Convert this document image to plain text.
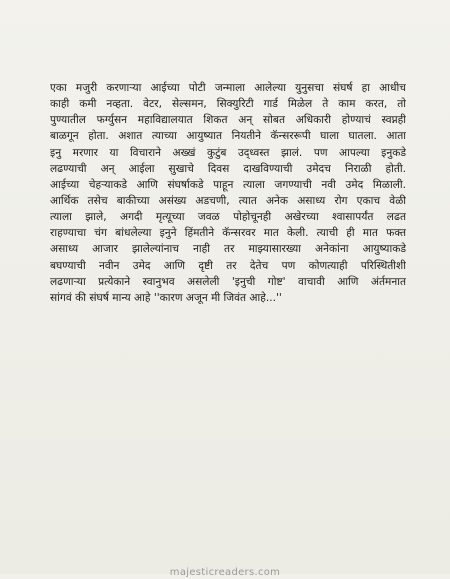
एका मजुरी करणाऱ्या आईच्या पोटी जन्माला आलेल्या युनुसचा संघर्ष हा आधीच
काही कमी नव्हता. वेटर, सेल्समन, सिक्युरिटी गार्ड मिळेल ते काम करत, तो
पुण्यातील फर्ग्युसन महाविद्यालयात शिकत अन्‌ सोबत अधिकारी होण्याचं स्वप्नही
बाळगून होता. अशात त्याच्या आयुष्यात नियतीने कॅन्सररूपी घाला घातला. आता
इनु मरणार या विचाराने अख्खं कुटुंब उद्ध्वस्त झालं. पण आपल्या इनुकडे
लढण्याची अन्‌ आईला सुखाचे दिवस दाखविण्याची उमेदच निराळी होती.
आईच्या चेहऱ्याकडे आणि संघर्षाकडे पाहून त्याला जगण्याची नवी उमेद मिळाली.
आर्थिक तसेच बाकीच्या असंख्य अडचणी, त्यात अनेक असाध्य रोग एकाच वेळी
त्याला झाले, अगदी मृत्यूच्या जवळ पोहोचूनही अखेरच्या श्वासापर्यंत लढत
राहण्याचा चंग बांधलेल्या इनुने हिंमतीने कॅन्सरवर मात केली. त्याची ही मात फक्त
असाध्य आजार झालेल्यांनाच नाही तर माझ्यासारख्या अनेकांना आयुष्याकडे
बघण्याची नवीन उमेद आणि दृष्टी तर देतेच पण कोणत्याही परिस्थितीशी
लढणाऱ्या प्रत्येकाने स्वानुभव असलेली 'इनुची गोष्ट' वाचावी आणि अंर्तमनात
सांगवं की संघर्ष मान्य आहे ''कारण अजून मी जिवंत आहे...''
majesticreaders.com
